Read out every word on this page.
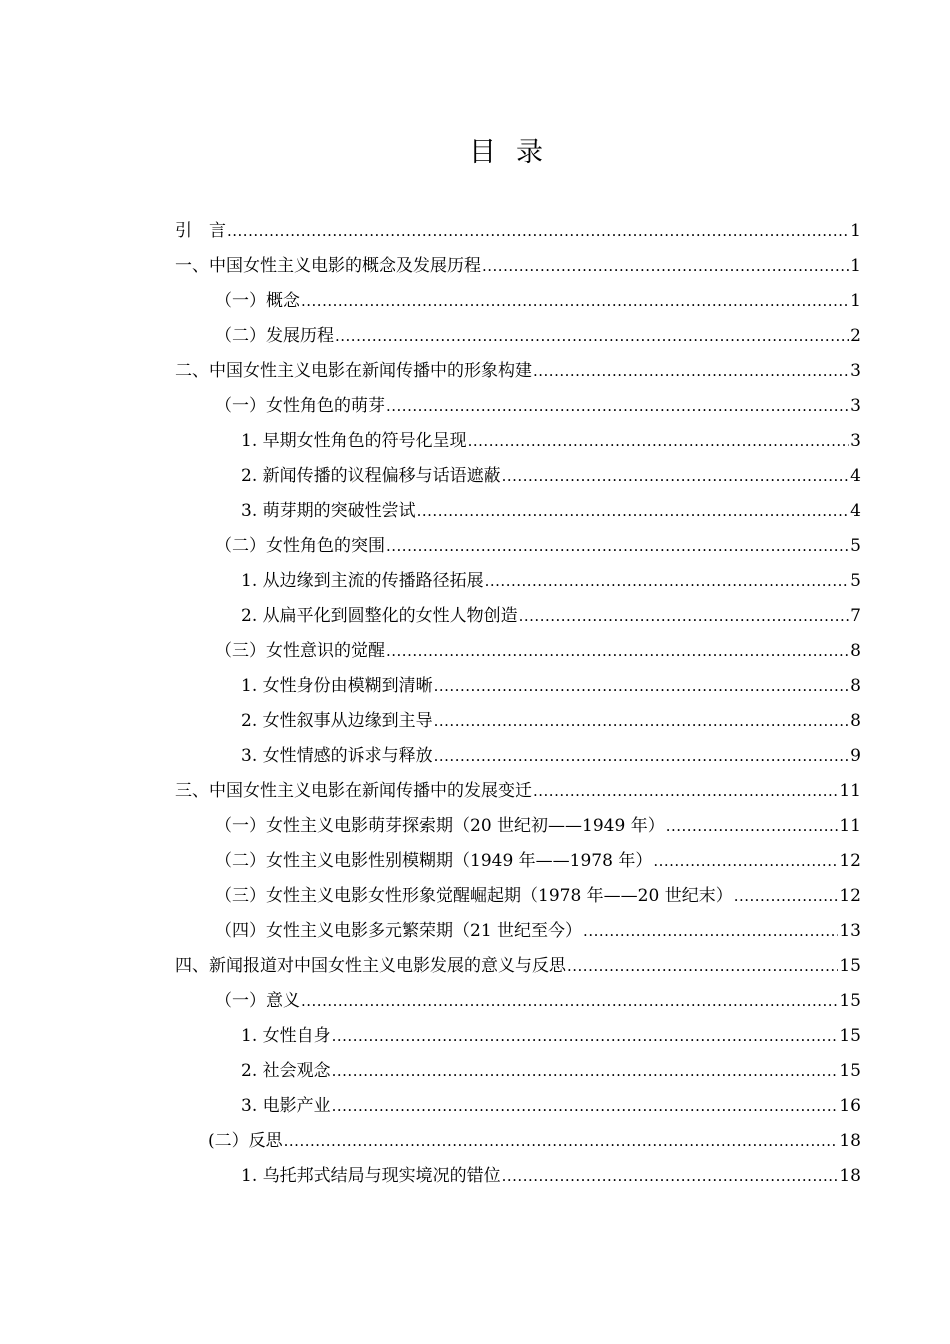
目录
引　言 .....	1
一、中国女性主义电影的概念及发展历程 .....	1
（一）概念 .....	1
（二）发展历程 .....	2
二、中国女性主义电影在新闻传播中的形象构建 .....	3
（一）女性角色的萌芽 .....	3
1. 早期女性角色的符号化呈现 .....	3
2. 新闻传播的议程偏移与话语遮蔽 .....	4
3. 萌芽期的突破性尝试 .....	4
（二）女性角色的突围 .....	5
1. 从边缘到主流的传播路径拓展 .....	5
2. 从扁平化到圆整化的女性人物创造 .....	7
（三）女性意识的觉醒 .....	8
1. 女性身份由模糊到清晰 .....	8
2. 女性叙事从边缘到主导 .....	8
3. 女性情感的诉求与释放 .....	9
三、中国女性主义电影在新闻传播中的发展变迁 .....	11
（一）女性主义电影萌芽探索期（20 世纪初——1949 年） .....	11
（二）女性主义电影性别模糊期（1949 年——1978 年） .....	12
（三）女性主义电影女性形象觉醒崛起期（1978 年——20 世纪末） .....	12
（四）女性主义电影多元繁荣期（21 世纪至今） .....	13
四、新闻报道对中国女性主义电影发展的意义与反思 .....	15
（一）意义 .....	15
1. 女性自身 .....	15
2. 社会观念 .....	15
3. 电影产业 .....	16
(二）反思 .....	18
1. 乌托邦式结局与现实境况的错位 .....	18
